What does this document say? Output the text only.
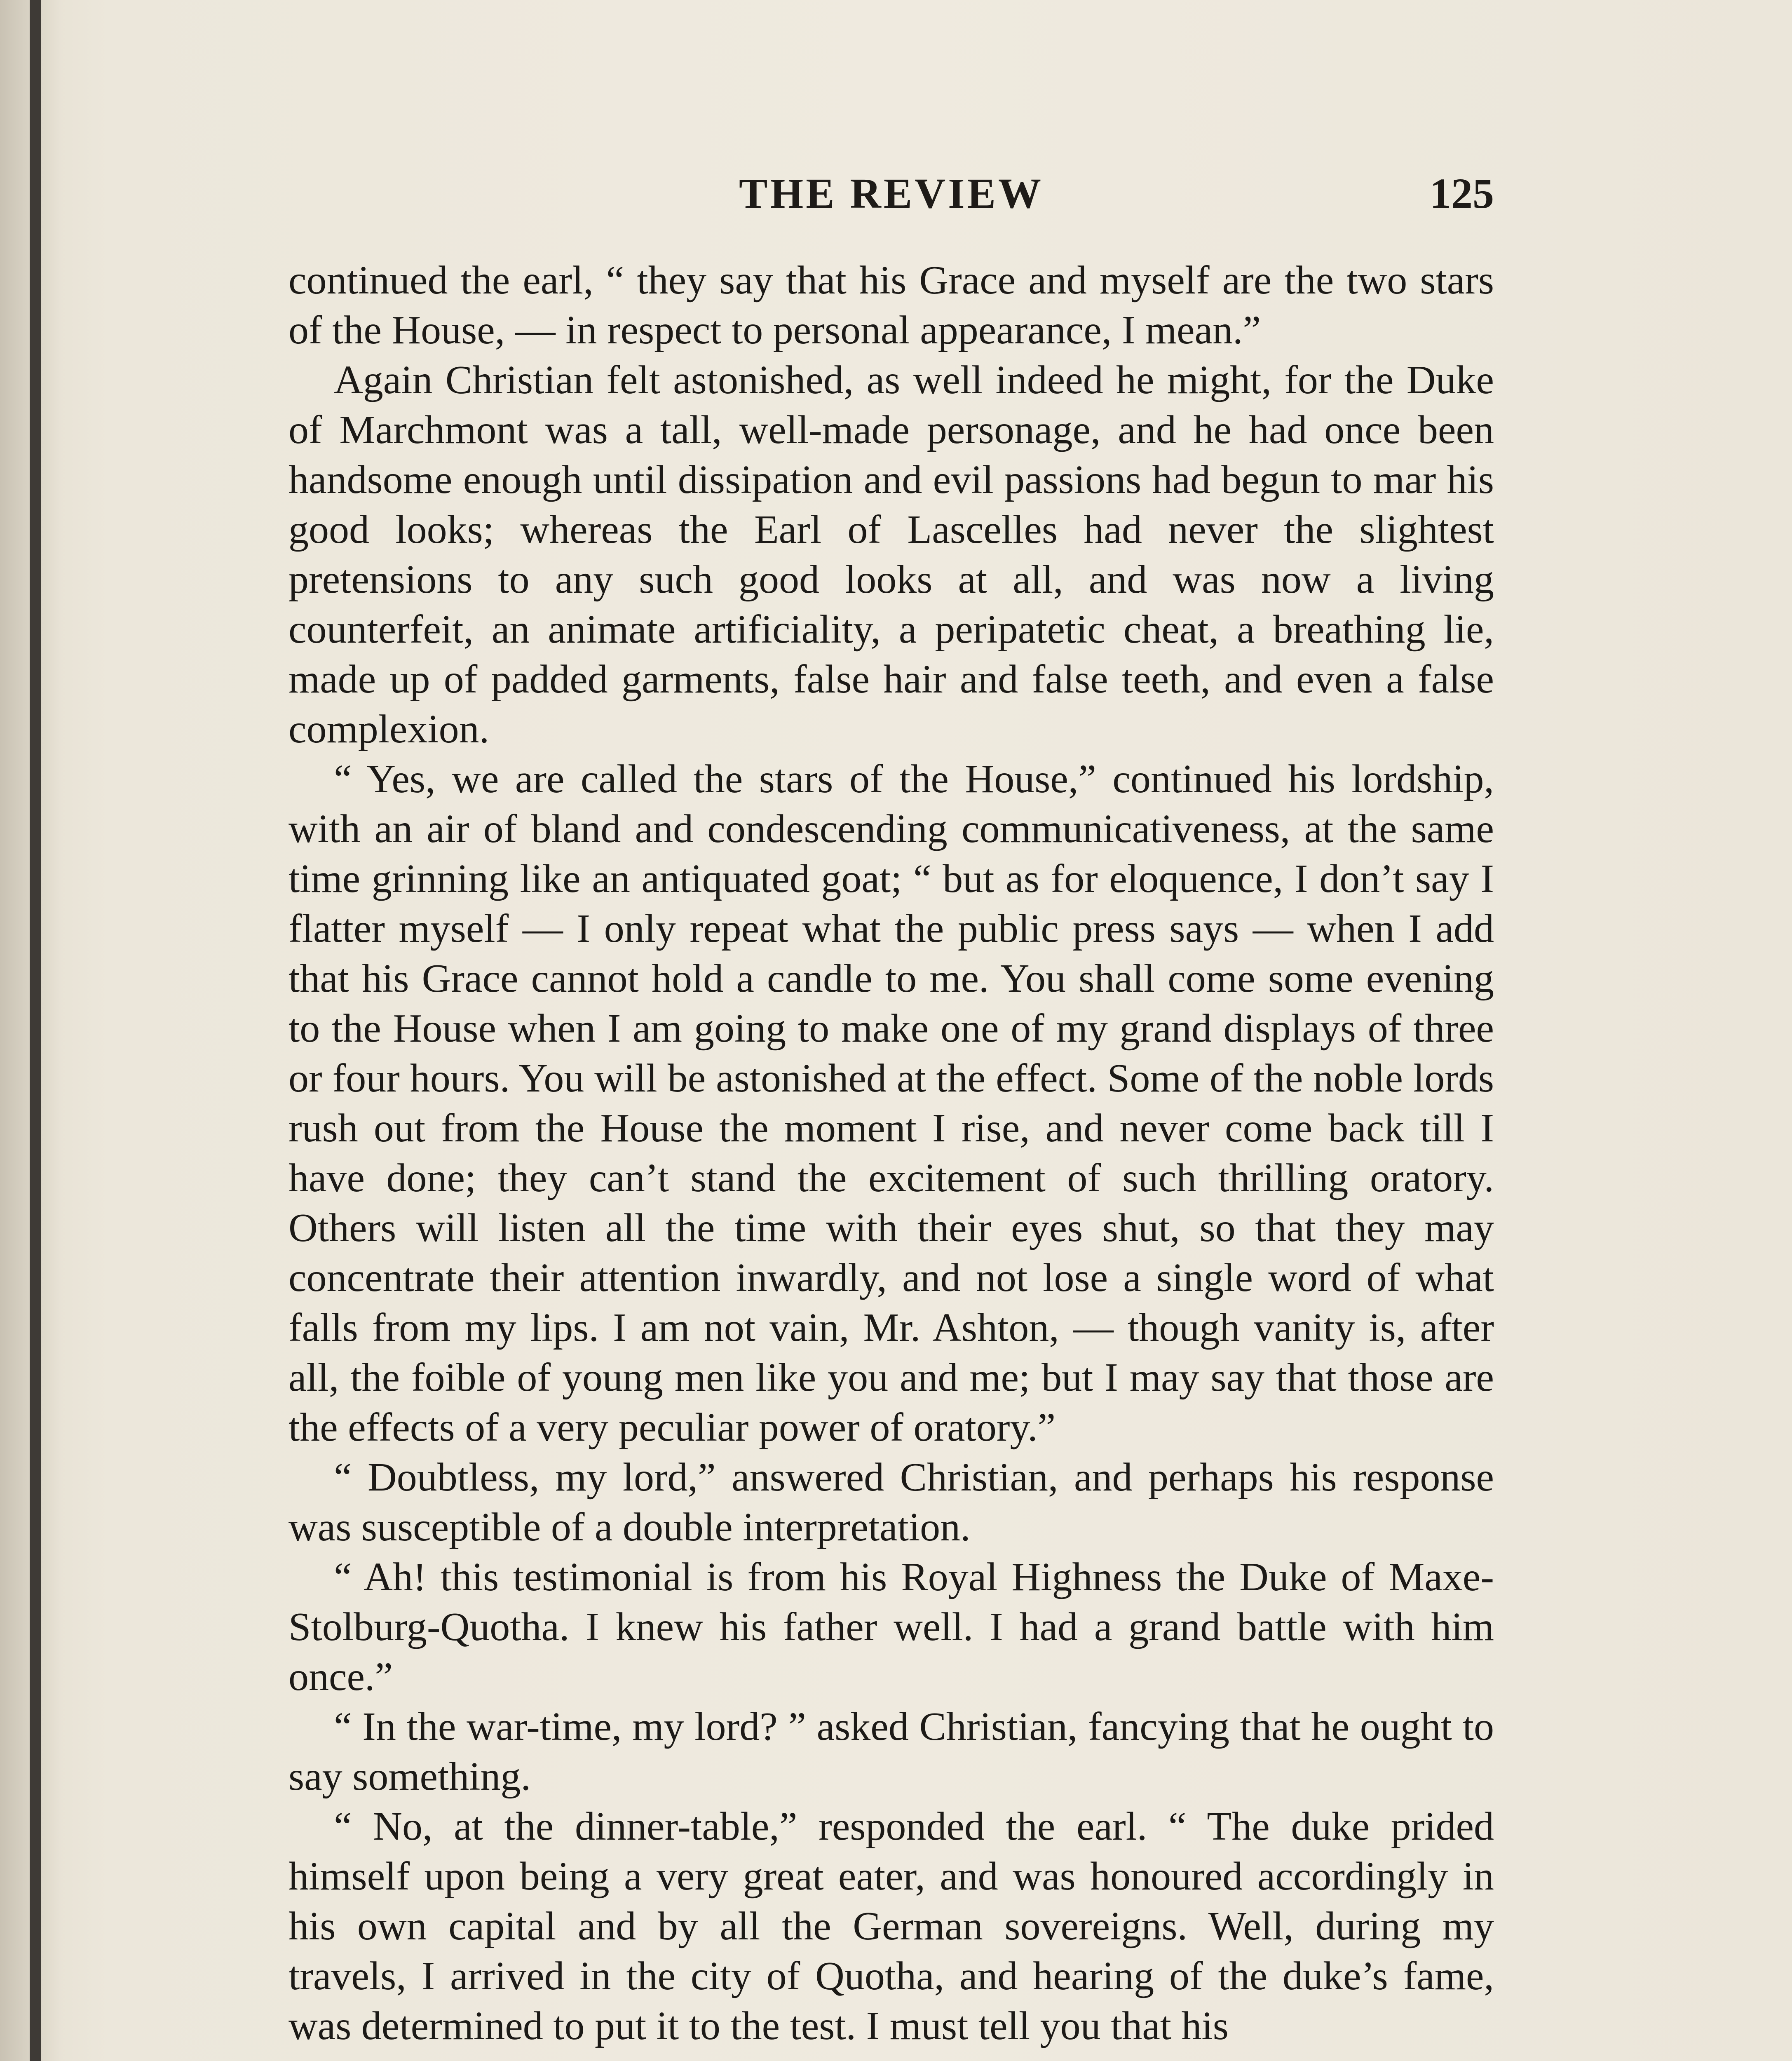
THE REVIEW	125

continued the earl, “ they say that his Grace and myself are the two stars of the House, — in respect to personal appearance, I mean.”

Again Christian felt astonished, as well indeed he might, for the Duke of Marchmont was a tall, well-made personage, and he had once been handsome enough until dissipation and evil passions had begun to mar his good looks; whereas the Earl of Lascelles had never the slightest pretensions to any such good looks at all, and was now a living counterfeit, an animate artificiality, a peripatetic cheat, a breathing lie, made up of padded garments, false hair and false teeth, and even a false complexion.

“ Yes, we are called the stars of the House,” continued his lordship, with an air of bland and condescending communicativeness, at the same time grinning like an antiquated goat; “ but as for eloquence, I don’t say I flatter myself — I only repeat what the public press says — when I add that his Grace cannot hold a candle to me. You shall come some evening to the House when I am going to make one of my grand displays of three or four hours. You will be astonished at the effect. Some of the noble lords rush out from the House the moment I rise, and never come back till I have done; they can’t stand the excitement of such thrilling oratory. Others will listen all the time with their eyes shut, so that they may concentrate their attention inwardly, and not lose a single word of what falls from my lips. I am not vain, Mr. Ashton, — though vanity is, after all, the foible of young men like you and me; but I may say that those are the effects of a very peculiar power of oratory.”

“ Doubtless, my lord,” answered Christian, and perhaps his response was susceptible of a double interpretation.

“ Ah! this testimonial is from his Royal Highness the Duke of Maxe-Stolburg-Quotha. I knew his father well. I had a grand battle with him once.”

“ In the war-time, my lord? ” asked Christian, fancying that he ought to say something.

“ No, at the dinner-table,” responded the earl. “ The duke prided himself upon being a very great eater, and was honoured accordingly in his own capital and by all the German sovereigns. Well, during my travels, I arrived in the city of Quotha, and hearing of the duke’s fame, was determined to put it to the test. I must tell you that his
